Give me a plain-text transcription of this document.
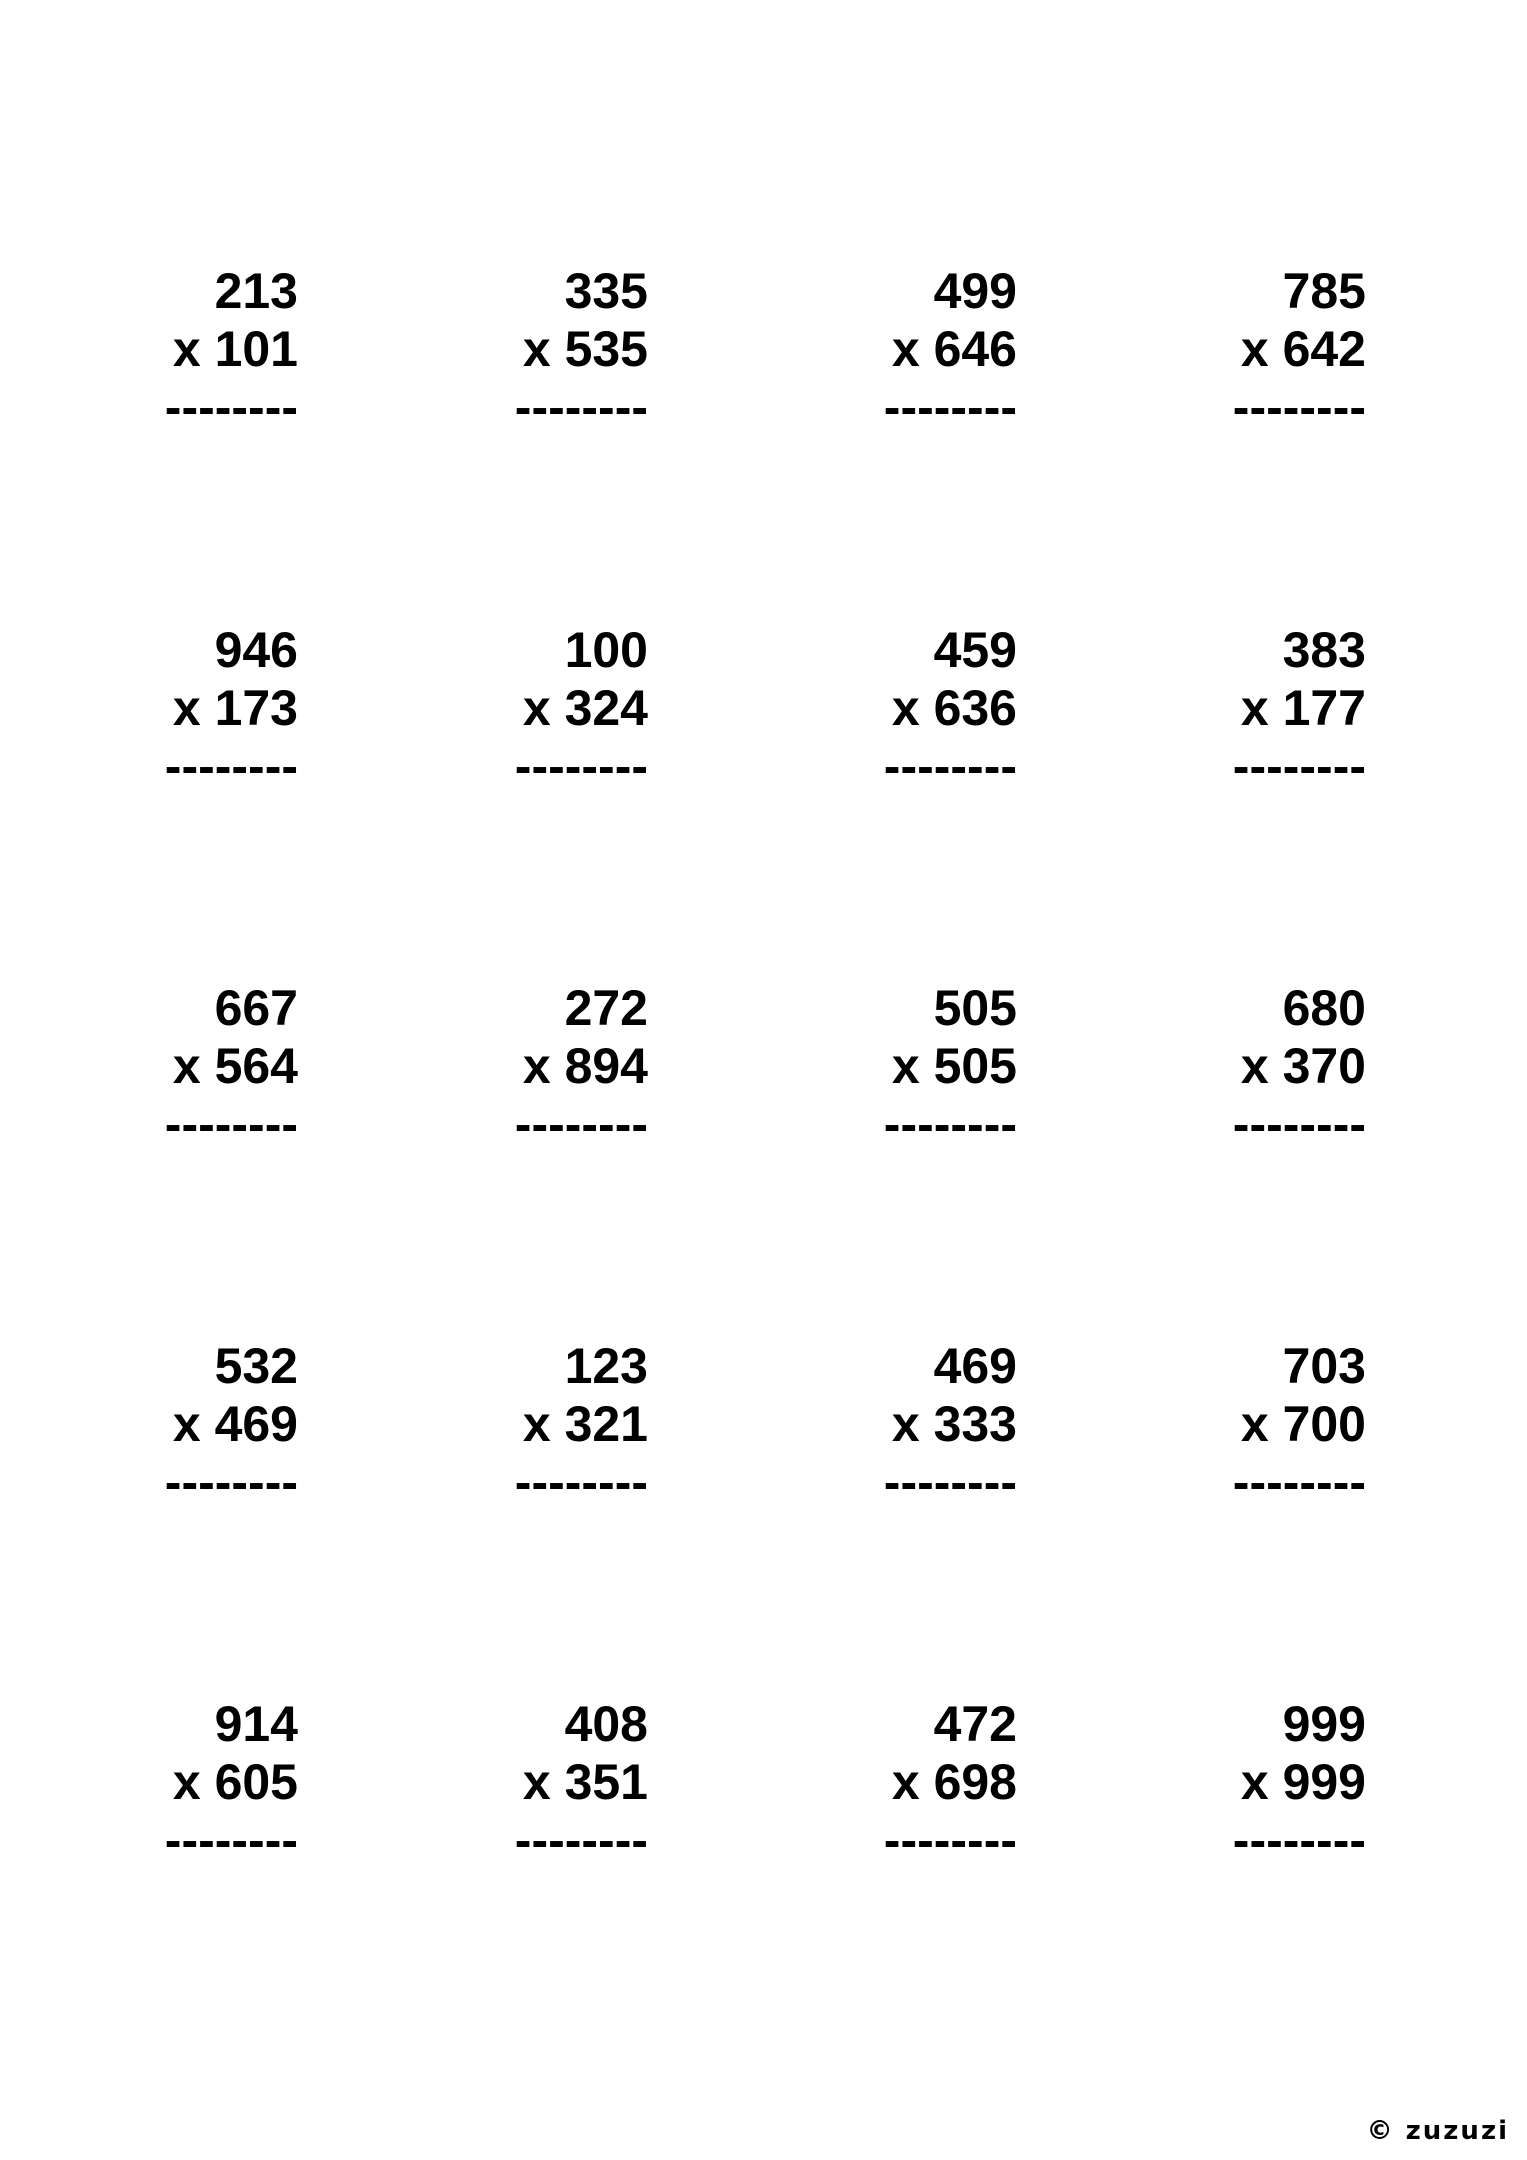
213
x 101
--------
335
x 535
--------
499
x 646
--------
785
x 642
--------
946
x 173
--------
100
x 324
--------
459
x 636
--------
383
x 177
--------
667
x 564
--------
272
x 894
--------
505
x 505
--------
680
x 370
--------
532
x 469
--------
123
x 321
--------
469
x 333
--------
703
x 700
--------
914
x 605
--------
408
x 351
--------
472
x 698
--------
999
x 999
--------
© zuzuzi
